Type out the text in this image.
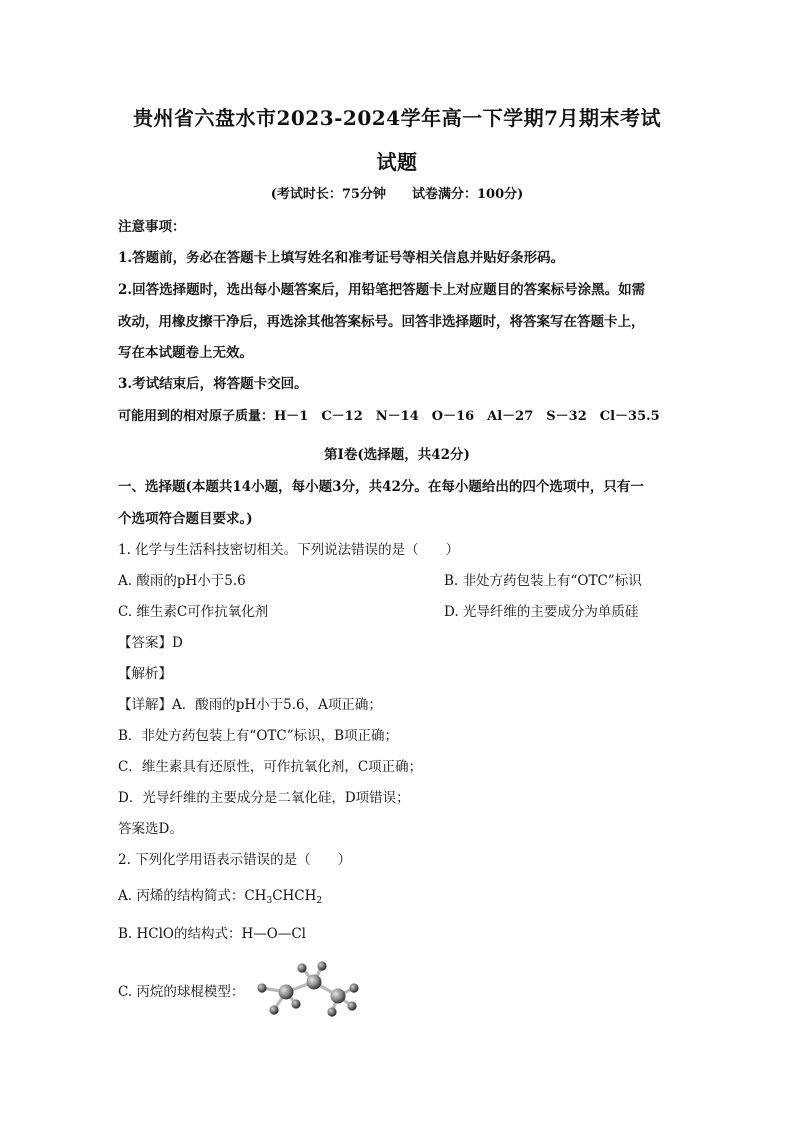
贵州省六盘水市2023-2024学年高一下学期7月期末考试
试题
(考试时长：75分钟　　试卷满分：100分)
注意事项：
1.答题前，务必在答题卡上填写姓名和准考证号等相关信息并贴好条形码。
2.回答选择题时，选出每小题答案后，用铅笔把答题卡上对应题目的答案标号涂黑。如需
改动，用橡皮擦干净后，再选涂其他答案标号。回答非选择题时，将答案写在答题卡上，
写在本试题卷上无效。
3.考试结束后，将答题卡交回。
可能用到的相对原子质量：H－1　C－12　N－14　O－16　Al－27　S－32　Cl－35.5
第Ⅰ卷(选择题，共42分)
一、选择题(本题共14小题，每小题3分，共42分。在每小题给出的四个选项中，只有一
个选项符合题目要求。)
1. 化学与生活科技密切相关。下列说法错误的是（　　）
A. 酸雨的pH小于5.6	B. 非处方药包装上有“OTC”标识
C. 维生素C可作抗氧化剂	D. 光导纤维的主要成分为单质硅
【答案】D
【解析】
【详解】A．酸雨的pH小于5.6，A项正确；
B．非处方药包装上有“OTC”标识，B项正确；
C．维生素具有还原性，可作抗氧化剂，C项正确；
D．光导纤维的主要成分是二氧化硅，D项错误；
答案选D。
2. 下列化学用语表示错误的是（　　）
A. 丙烯的结构简式：$CH_3CHCH_2$
B. HClO的结构式：H—O—Cl
C. 丙烷的球棍模型：
